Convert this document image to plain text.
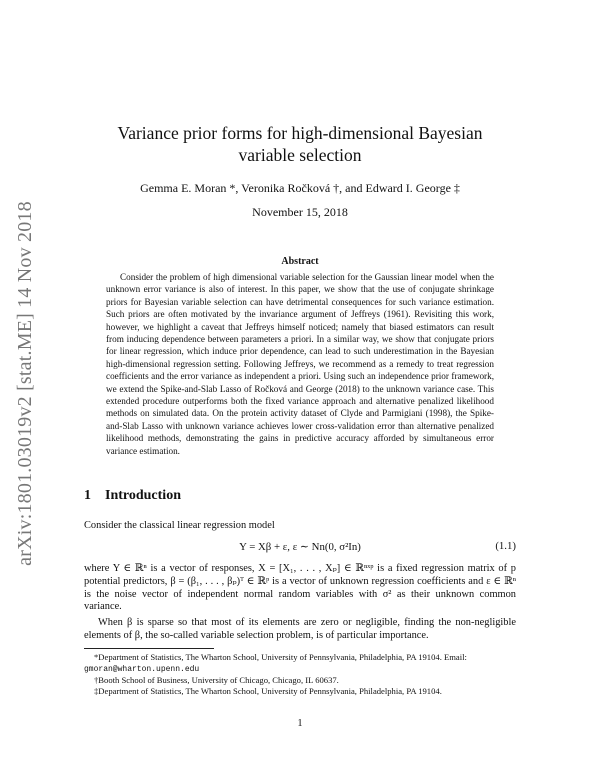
arXiv:1801.03019v2 [stat.ME] 14 Nov 2018
Variance prior forms for high-dimensional Bayesian variable selection
Gemma E. Moran *, Veronika Ročková †, and Edward I. George ‡
November 15, 2018
Abstract

Consider the problem of high dimensional variable selection for the Gaussian linear model when the unknown error variance is also of interest. In this paper, we show that the use of conjugate shrinkage priors for Bayesian variable selection can have detrimental consequences for such variance estimation. Such priors are often motivated by the invariance argument of Jeffreys (1961). Revisiting this work, however, we highlight a caveat that Jeffreys himself noticed; namely that biased estimators can result from inducing dependence between parameters a priori. In a similar way, we show that conjugate priors for linear regression, which induce prior dependence, can lead to such underestimation in the Bayesian high-dimensional regression setting. Following Jeffreys, we recommend as a remedy to treat regression coefficients and the error variance as independent a priori. Using such an independence prior framework, we extend the Spike-and-Slab Lasso of Ročková and George (2018) to the unknown variance case. This extended procedure outperforms both the fixed variance approach and alternative penalized likelihood methods on simulated data. On the protein activity dataset of Clyde and Parmigiani (1998), the Spike-and-Slab Lasso with unknown variance achieves lower cross-validation error than alternative penalized likelihood methods, demonstrating the gains in predictive accuracy afforded by simultaneous error variance estimation.

1 Introduction

Consider the classical linear regression model

Y = Xβ + ε, ε ∼ Nn(0, σ²In)	(1.1)

where Y ∈ ℝⁿ is a vector of responses, X = [X₁, . . . , Xₚ] ∈ ℝⁿˣᵖ is a fixed regression matrix of p potential predictors, β = (β₁, . . . , βₚ)ᵀ ∈ ℝᵖ is a vector of unknown regression coefficients and ε ∈ ℝⁿ is the noise vector of independent normal random variables with σ² as their unknown common variance.

When β is sparse so that most of its elements are zero or negligible, finding the non-negligible elements of β, the so-called variable selection problem, is of particular importance.

*Department of Statistics, The Wharton School, University of Pennsylvania, Philadelphia, PA 19104. Email: gmoran@wharton.upenn.edu

†Booth School of Business, University of Chicago, Chicago, IL 60637.

‡Department of Statistics, The Wharton School, University of Pennsylvania, Philadelphia, PA 19104.

1
